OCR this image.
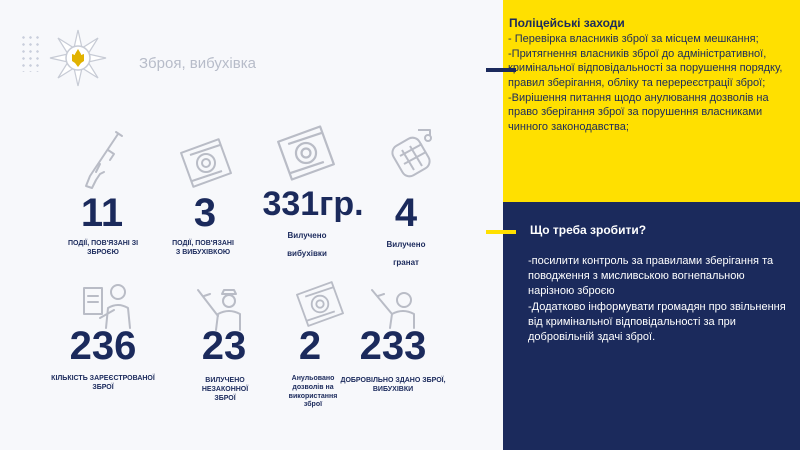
Зброя, вибухівка
11
ПОДІЇ, ПОВ'ЯЗАНІ ЗІ ЗБРОЄЮ
3
ПОДІЇ, ПОВ'ЯЗАНІ З ВИБУХІВКОЮ
331гр.
Вилучено вибухівки
4
Вилучено гранат
236
КІЛЬКІСТЬ ЗАРЕЄСТРОВАНОЇ ЗБРОЇ
23
ВИЛУЧЕНО НЕЗАКОННОЇ ЗБРОЇ
2
Анульовано дозволів на використання зброї
233
ДОБРОВІЛЬНО ЗДАНО ЗБРОЇ, ВИБУХІВКИ
Поліцейські заходи

- Перевірка власників зброї за місцем мешкання;

-Притягнення власників зброї до адміністративної, кримінальної відповідальності за порушення порядку, правил зберігання, обліку та перереєстрації зброї;

-Вирішення питання щодо анулювання дозволів на право зберігання зброї за порушення власниками чинного законодавства;

Що треба зробити?

-посилити контроль за правилами зберігання та поводження з мисливською вогнепальною нарізною зброєю

-Додатково інформувати громадян про звільнення від кримінальної відповідальності за при добровільній здачі зброї.
